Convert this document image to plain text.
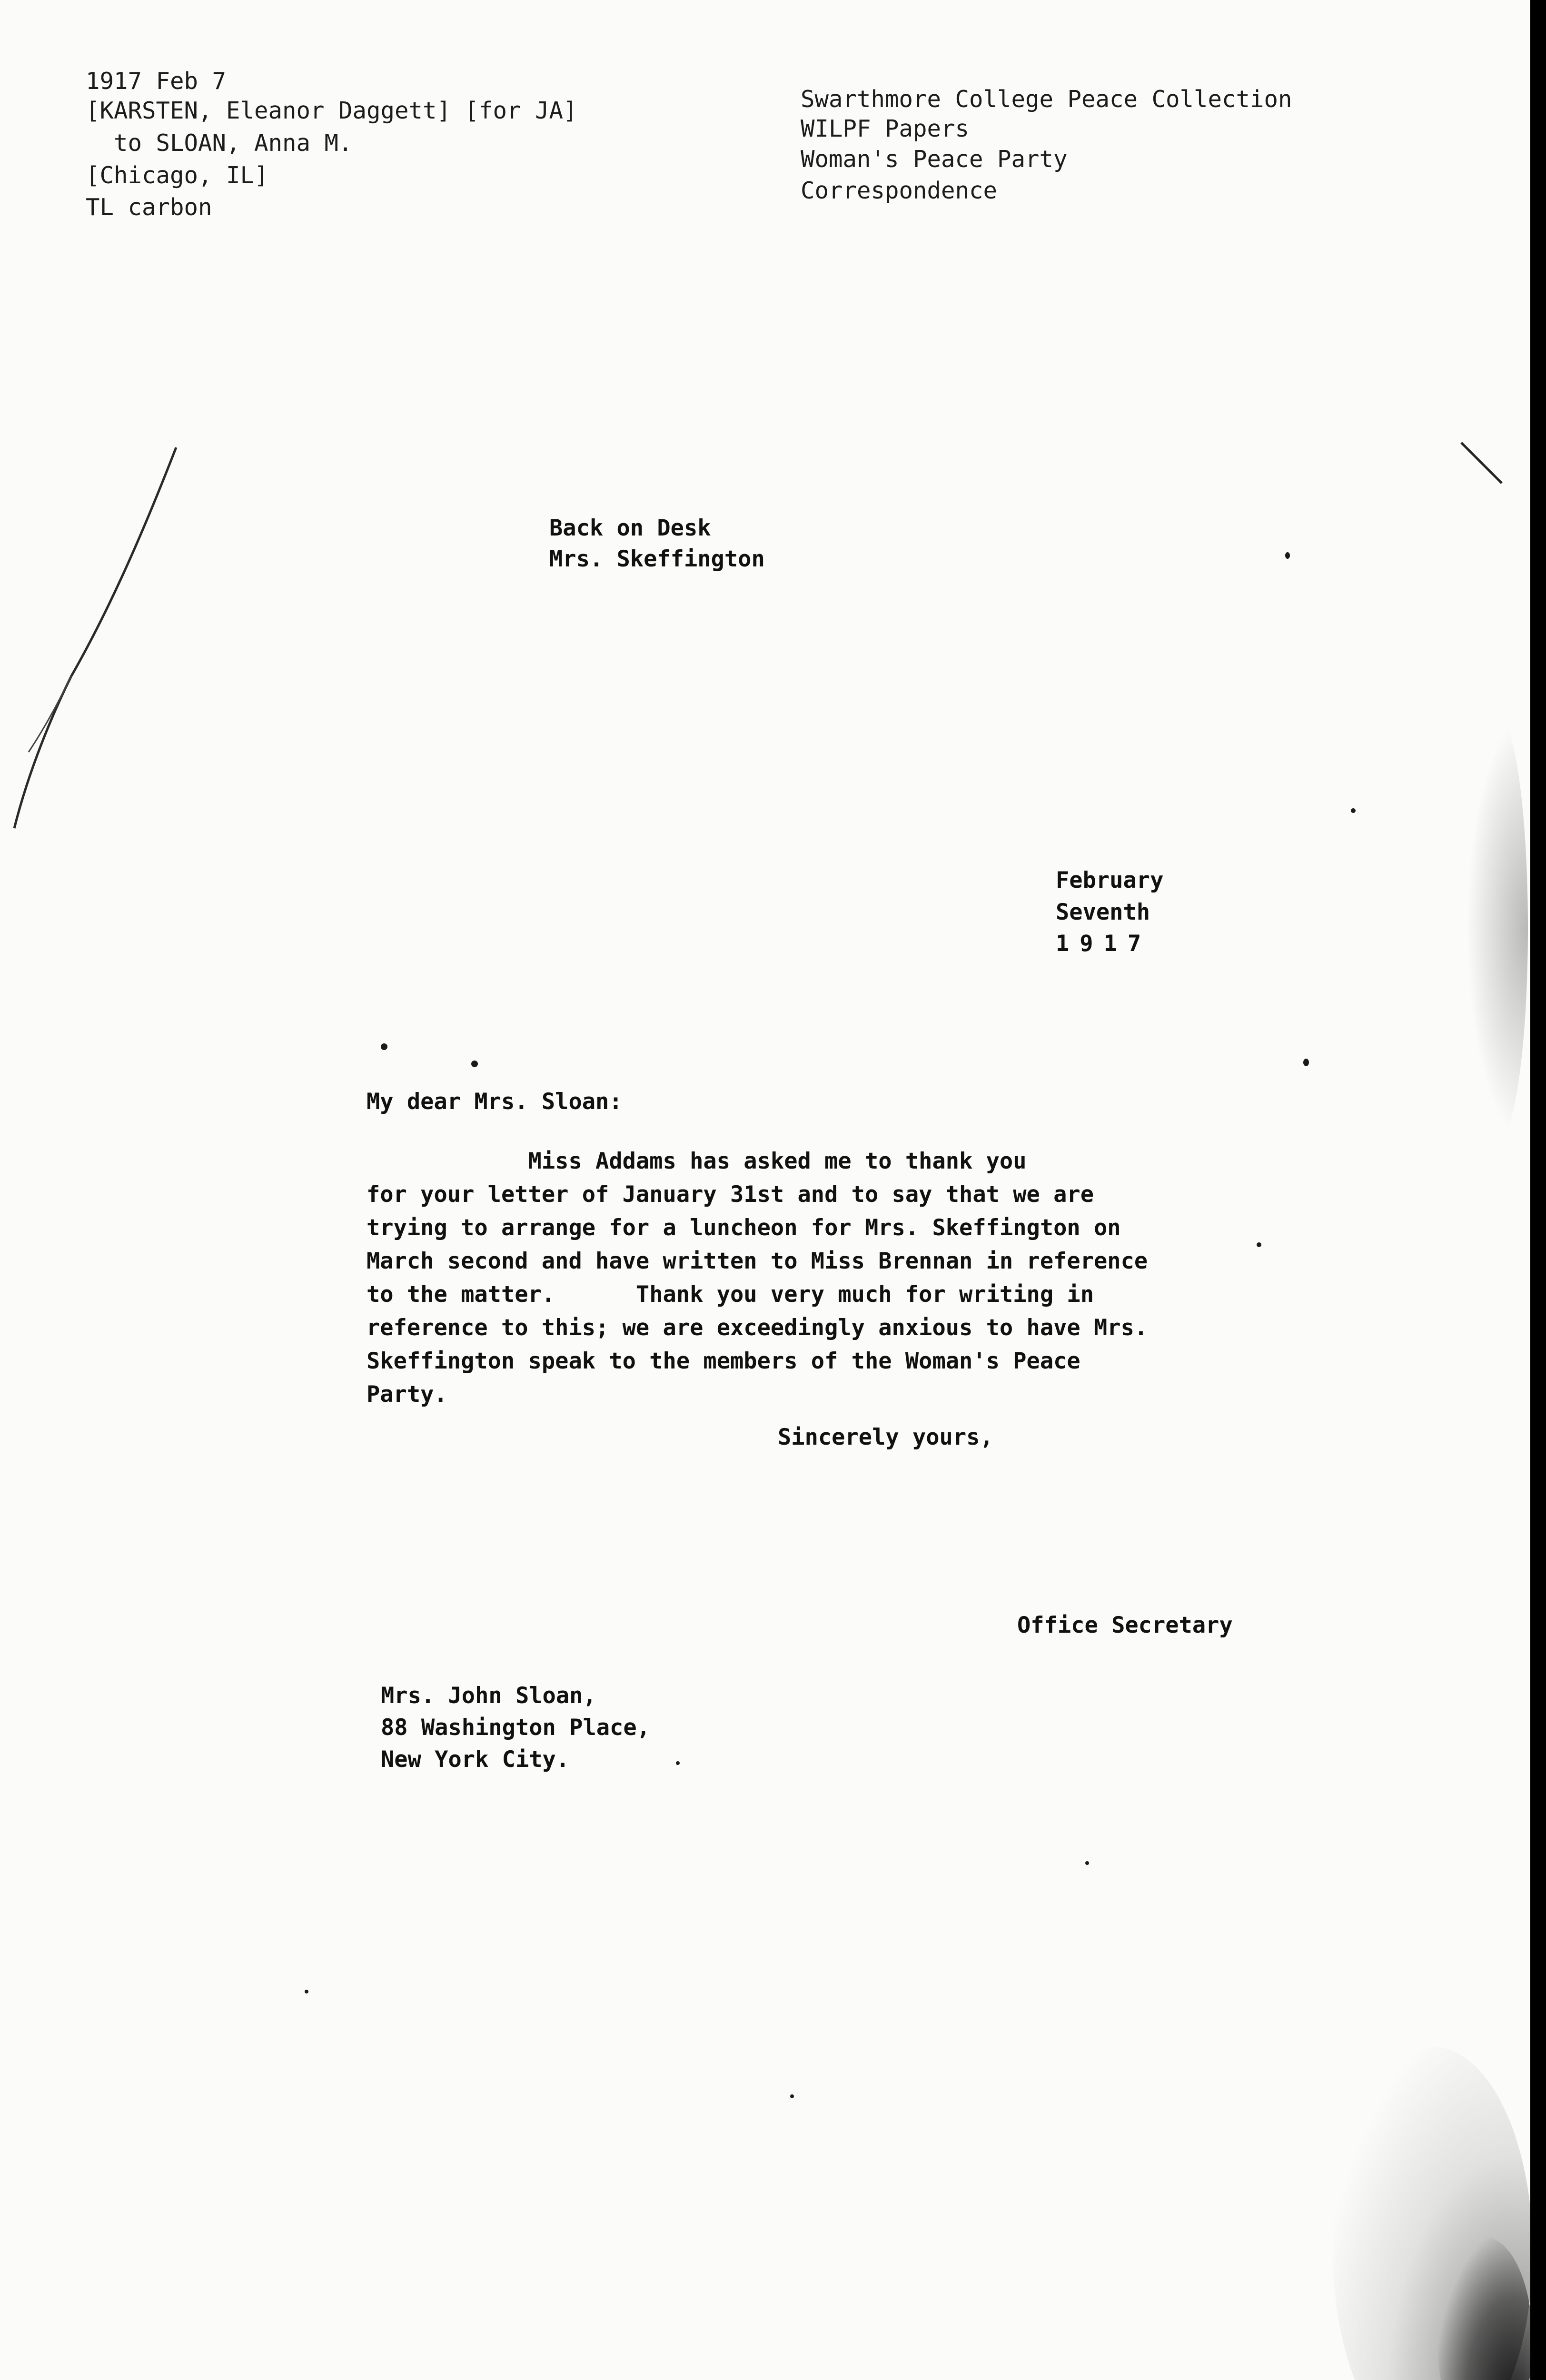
1917 Feb 7
[KARSTEN, Eleanor Daggett] [for JA]
to SLOAN, Anna M.
[Chicago, IL]
TL carbon
Swarthmore College Peace Collection
WILPF Papers
Woman's Peace Party
Correspondence
Back on Desk
Mrs. Skeffington
February
Seventh
1917
My dear Mrs. Sloan:
Miss Addams has asked me to thank you
for your letter of January 31st and to say that we are
trying to arrange for a luncheon for Mrs. Skeffington on
March second and have written to Miss Brennan in reference
to the matter.      Thank you very much for writing in
reference to this; we are exceedingly anxious to have Mrs.
Skeffington speak to the members of the Woman's Peace
Party.
Sincerely yours,
Office Secretary
Mrs. John Sloan,
88 Washington Place,
New York City.
